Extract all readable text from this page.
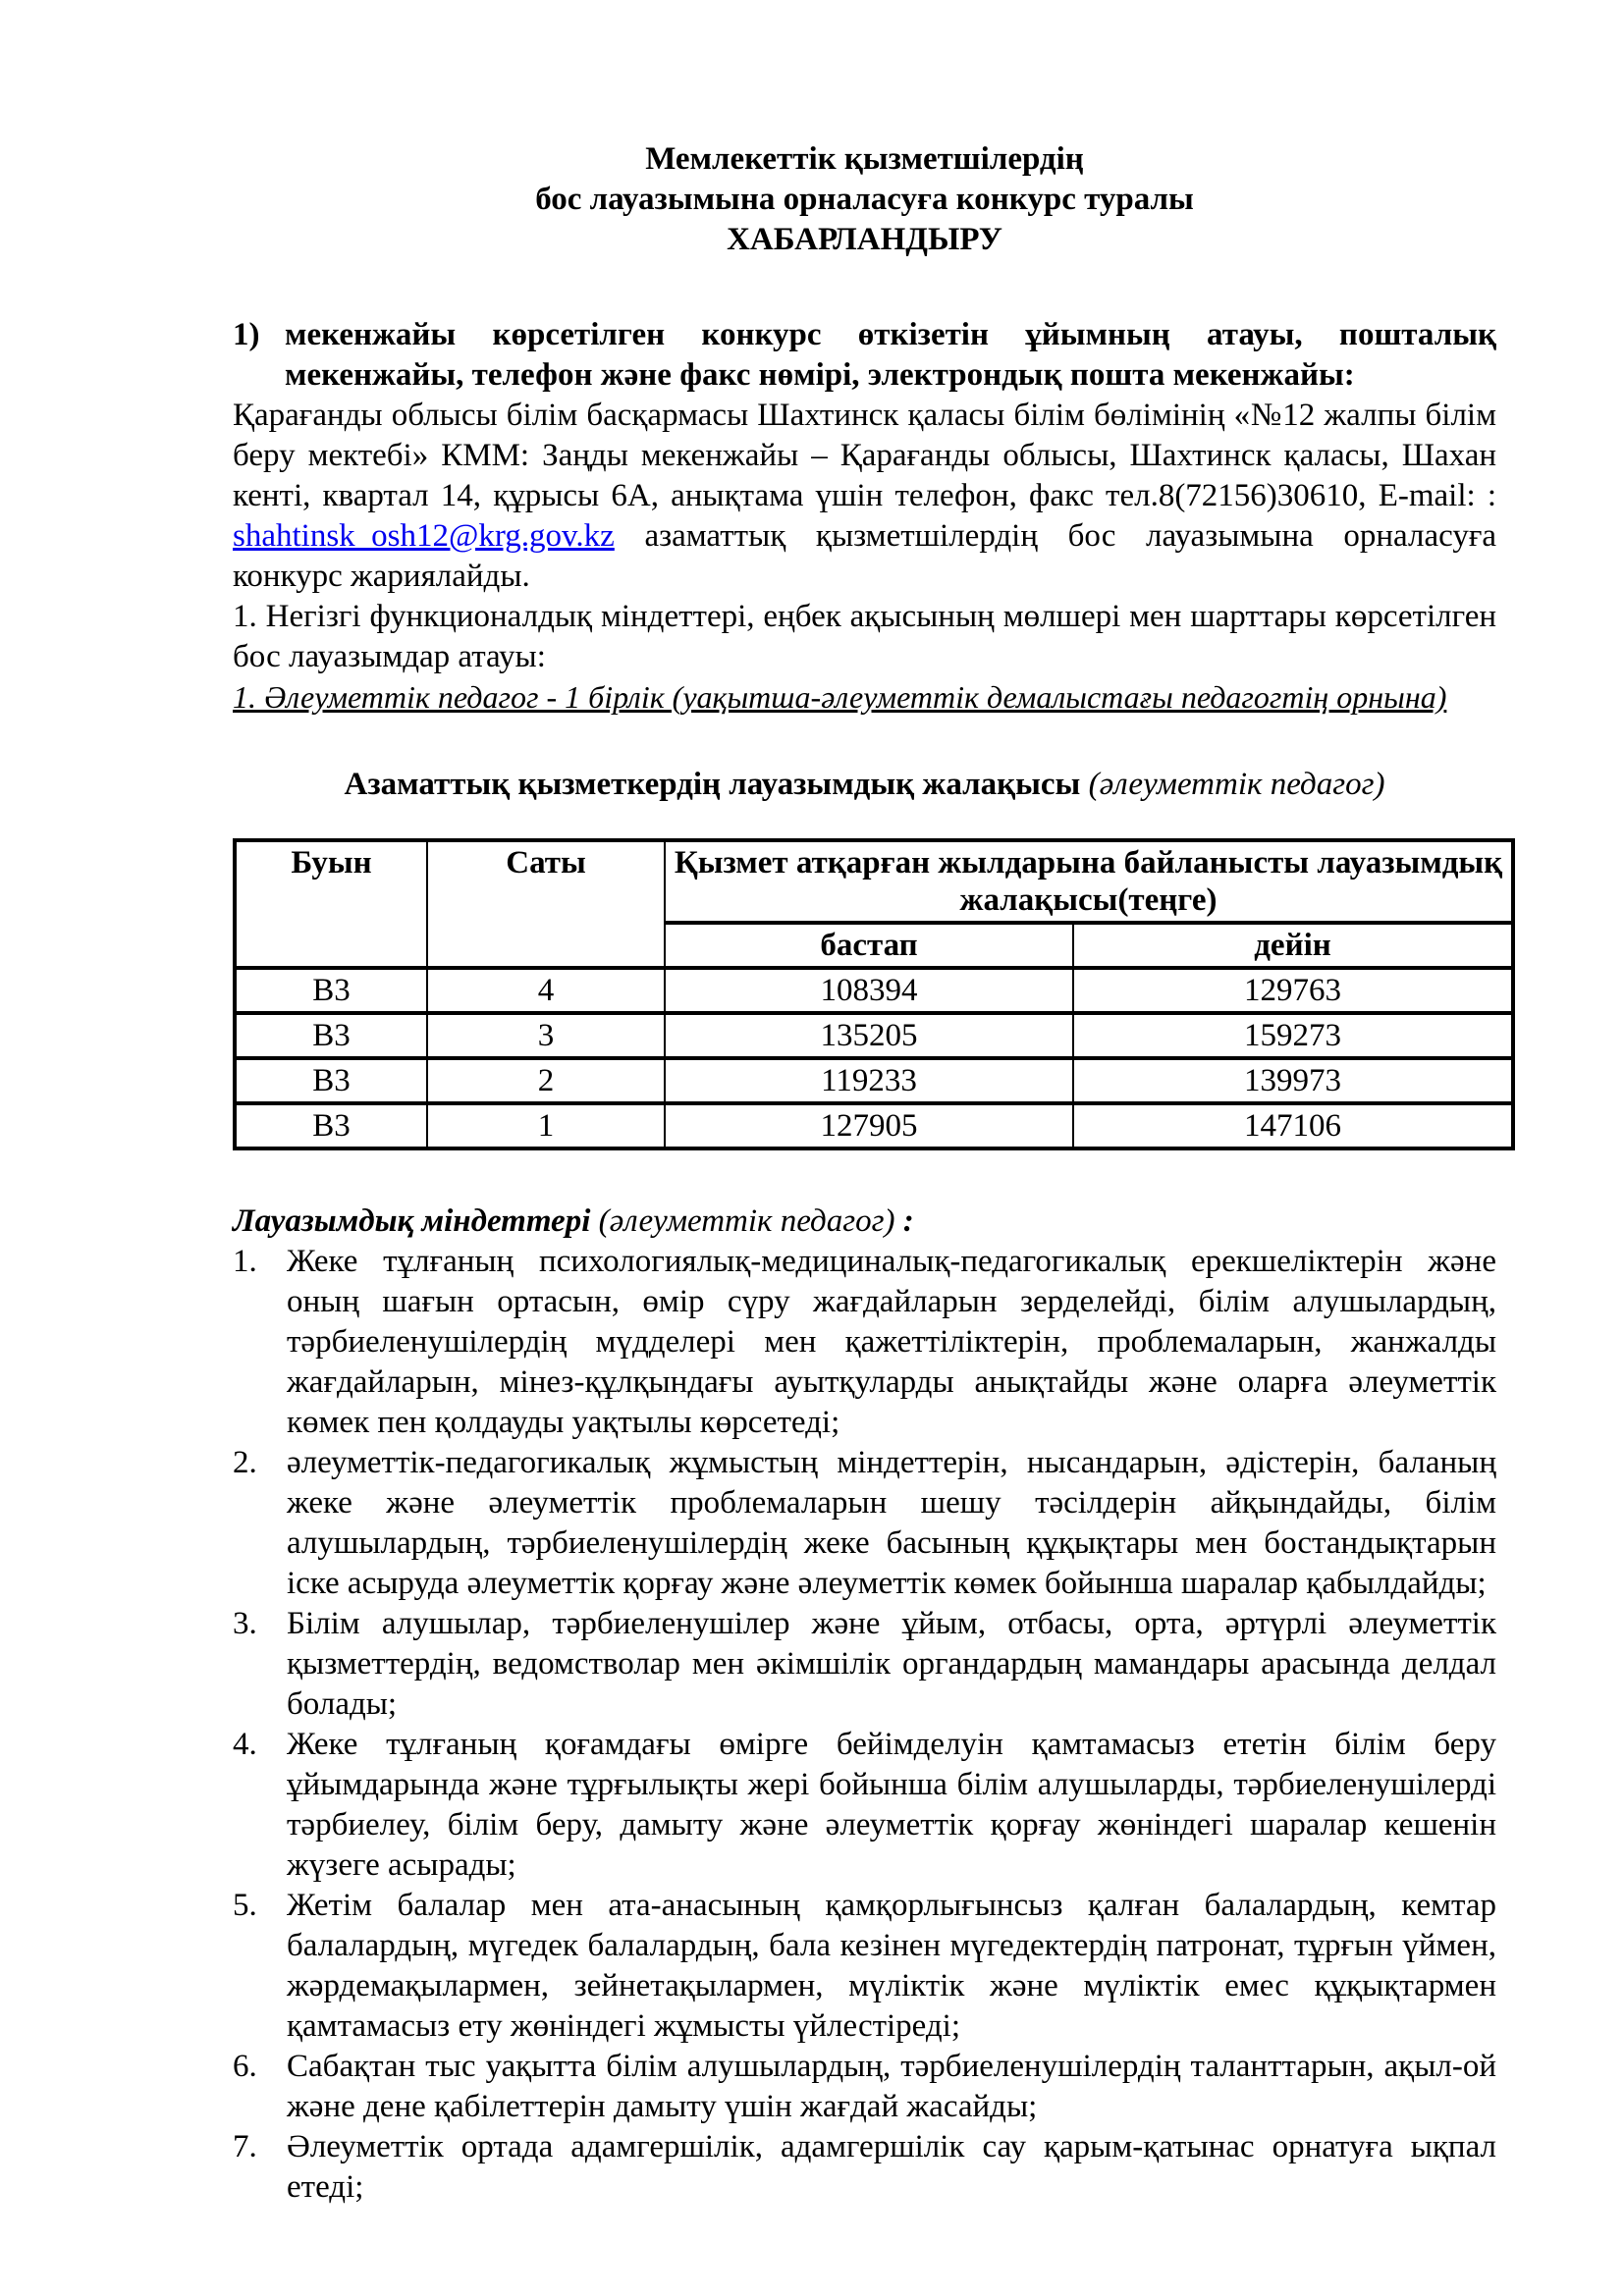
Мемлекеттік қызметшілердің
бос лауазымына орналасуға конкурс туралы
ХАБАРЛАНДЫРУ
1) мекенжайы көрсетілген конкурс өткізетін ұйымның атауы, пошталық мекенжайы, телефон және факс нөмірі, электрондық пошта мекенжайы:
Қарағанды облысы білім басқармасы Шахтинск қаласы білім бөлімінің «№12 жалпы білім беру мектебі» КММ: Заңды мекенжайы – Қарағанды облысы, Шахтинск қаласы, Шахан кенті, квартал 14, құрысы 6А, анықтама үшін телефон, факс тел.8(72156)30610, E-mail: : shahtinsk_osh12@krg.gov.kz азаматтық қызметшілердің бос лауазымына орналасуға конкурс жариялайды.
1. Негізгі функционалдық міндеттері, еңбек ақысының мөлшері мен шарттары көрсетілген бос лауазымдар атауы:
1. Әлеуметтік педагог - 1 бірлік (уақытша-әлеуметтік демалыстағы педагогтің орнына)
Азаматтық қызметкердің лауазымдық жалақысы (әлеуметтік педагог)
Буын	Саты	Қызмет атқарған жылдарына байланысты лауазымдық жалақысы(теңге)	
		бастап	дейін
В3	4	108394	129763
В3	3	135205	159273
В3	2	119233	139973
В3	1	127905	147106
Лауазымдық міндеттері (әлеуметтік педагог) :
1. Жеке тұлғаның психологиялық-медициналық-педагогикалық ерекшеліктерін және оның шағын ортасын, өмір сүру жағдайларын зерделейді, білім алушылардың, тәрбиеленушілердің мүдделері мен қажеттіліктерін, проблемаларын, жанжалды жағдайларын, мінез-құлқындағы ауытқуларды анықтайды және оларға әлеуметтік көмек пен қолдауды уақтылы көрсетеді;
2. әлеуметтік-педагогикалық жұмыстың міндеттерін, нысандарын, әдістерін, баланың жеке және әлеуметтік проблемаларын шешу тәсілдерін айқындайды, білім алушылардың, тәрбиеленушілердің жеке басының құқықтары мен бостандықтарын іске асыруда әлеуметтік қорғау және әлеуметтік көмек бойынша шаралар қабылдайды;
3. Білім алушылар, тәрбиеленушілер және ұйым, отбасы, орта, әртүрлі әлеуметтік қызметтердің, ведомстволар мен әкімшілік органдардың мамандары арасында делдал болады;
4. Жеке тұлғаның қоғамдағы өмірге бейімделуін қамтамасыз ететін білім беру ұйымдарында және тұрғылықты жері бойынша білім алушыларды, тәрбиеленушілерді тәрбиелеу, білім беру, дамыту және әлеуметтік қорғау жөніндегі шаралар кешенін жүзеге асырады;
5. Жетім балалар мен ата-анасының қамқорлығынсыз қалған балалардың, кемтар балалардың, мүгедек балалардың, бала кезінен мүгедектердің патронат, тұрғын үймен, жәрдемақылармен, зейнетақылармен, мүліктік және мүліктік емес құқықтармен қамтамасыз ету жөніндегі жұмысты үйлестіреді;
6. Сабақтан тыс уақытта білім алушылардың, тәрбиеленушілердің таланттарын, ақыл-ой және дене қабілеттерін дамыту үшін жағдай жасайды;
7. Әлеуметтік ортада адамгершілік, адамгершілік сау қарым-қатынас орнатуға ықпал етеді;
